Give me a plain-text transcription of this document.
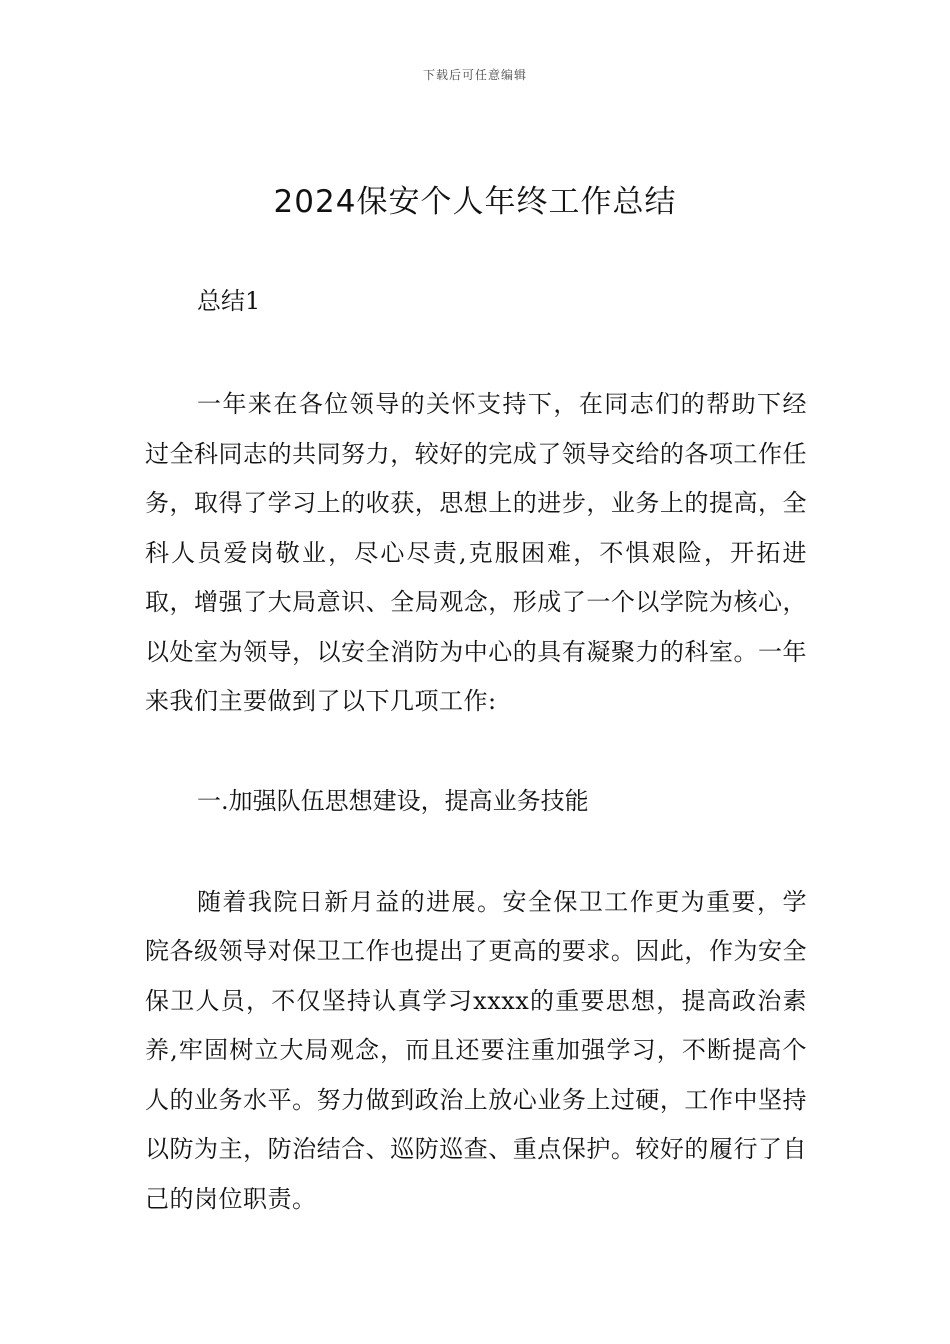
下载后可任意编辑
2024保安个人年终工作总结

总结1

一年来在各位领导的关怀支持下，在同志们的帮助下经过全科同志的共同努力，较好的完成了领导交给的各项工作任务，取得了学习上的收获，思想上的进步，业务上的提高，全科人员爱岗敬业，尽心尽责,克服困难，不惧艰险，开拓进取，增强了大局意识、全局观念，形成了一个以学院为核心，以处室为领导，以安全消防为中心的具有凝聚力的科室。一年来我们主要做到了以下几项工作:

一.加强队伍思想建设，提高业务技能

随着我院日新月益的进展。安全保卫工作更为重要，学院各级领导对保卫工作也提出了更高的要求。因此，作为安全保卫人员，不仅坚持认真学习xxxx的重要思想，提高政治素养,牢固树立大局观念，而且还要注重加强学习，不断提高个人的业务水平。努力做到政治上放心业务上过硬，工作中坚持以防为主，防治结合、巡防巡查、重点保护。较好的履行了自己的岗位职责。
